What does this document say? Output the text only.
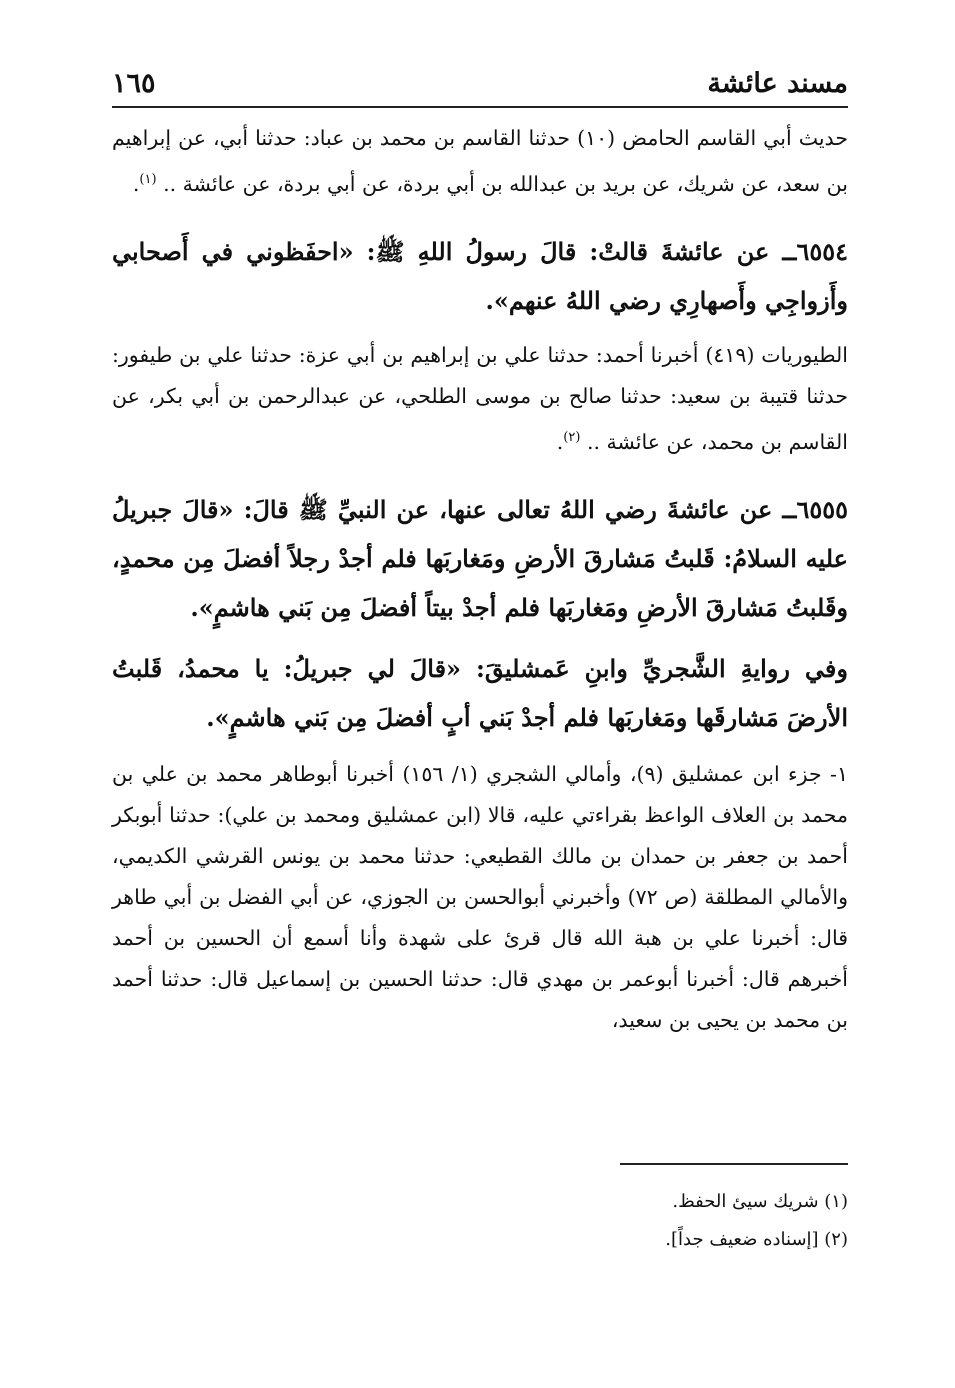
مسند عائشة
١٦٥

حديث أبي القاسم الحامض (١٠) حدثنا القاسم بن محمد بن عباد: حدثنا أبي، عن إبراهيم بن سعد، عن شريك، عن بريد بن عبدالله بن أبي بردة، عن أبي بردة، عن عائشة .. $^{(١)}$.

٦٥٥٤ــ عن عائشةَ قالتْ: قالَ رسولُ اللهِ ﷺ: «احفَظوني في أَصحابي وأَزواجِي وأَصهارِي رضي اللهُ عنهم».

الطيوريات (٤١٩) أخبرنا أحمد: حدثنا علي بن إبراهيم بن أبي عزة: حدثنا علي بن طيفور: حدثنا قتيبة بن سعيد: حدثنا صالح بن موسى الطلحي، عن عبدالرحمن بن أبي بكر، عن القاسم بن محمد، عن عائشة .. $^{(٢)}$.

٦٥٥٥ــ عن عائشةَ رضي اللهُ تعالى عنها، عن النبيِّ ﷺ قالَ: «قالَ جبريلُ عليه السلامُ: قَلبتُ مَشارقَ الأرضِ ومَغاربَها فلم أجدْ رجلاً أفضلَ مِن محمدٍ، وقَلبتُ مَشارقَ الأرضِ ومَغاربَها فلم أجدْ بيتاً أفضلَ مِن بَني هاشمٍ».

وفي روايةِ الشَّجريِّ وابنِ عَمشليقَ: «قالَ لي جبريلُ: يا محمدُ، قَلبتُ الأرضَ مَشارقَها ومَغاربَها فلم أجدْ بَني أبٍ أفضلَ مِن بَني هاشمٍ».

١- جزء ابن عمشليق (٩)، وأمالي الشجري (١/ ١٥٦) أخبرنا أبوطاهر محمد بن علي بن محمد بن العلاف الواعظ بقراءتي عليه، قالا (ابن عمشليق ومحمد بن علي): حدثنا أبوبكر أحمد بن جعفر بن حمدان بن مالك القطيعي: حدثنا محمد بن يونس القرشي الكديمي، والأمالي المطلقة (ص ٧٢) وأخبرني أبوالحسن بن الجوزي، عن أبي الفضل بن أبي طاهر قال: أخبرنا علي بن هبة الله قال قرئ على شهدة وأنا أسمع أن الحسين بن أحمد أخبرهم قال: أخبرنا أبوعمر بن مهدي قال: حدثنا الحسين بن إسماعيل قال: حدثنا أحمد بن محمد بن يحيى بن سعيد،

(١) شريك سيئ الحفظ.

(٢) [إسناده ضعيف جداً].
